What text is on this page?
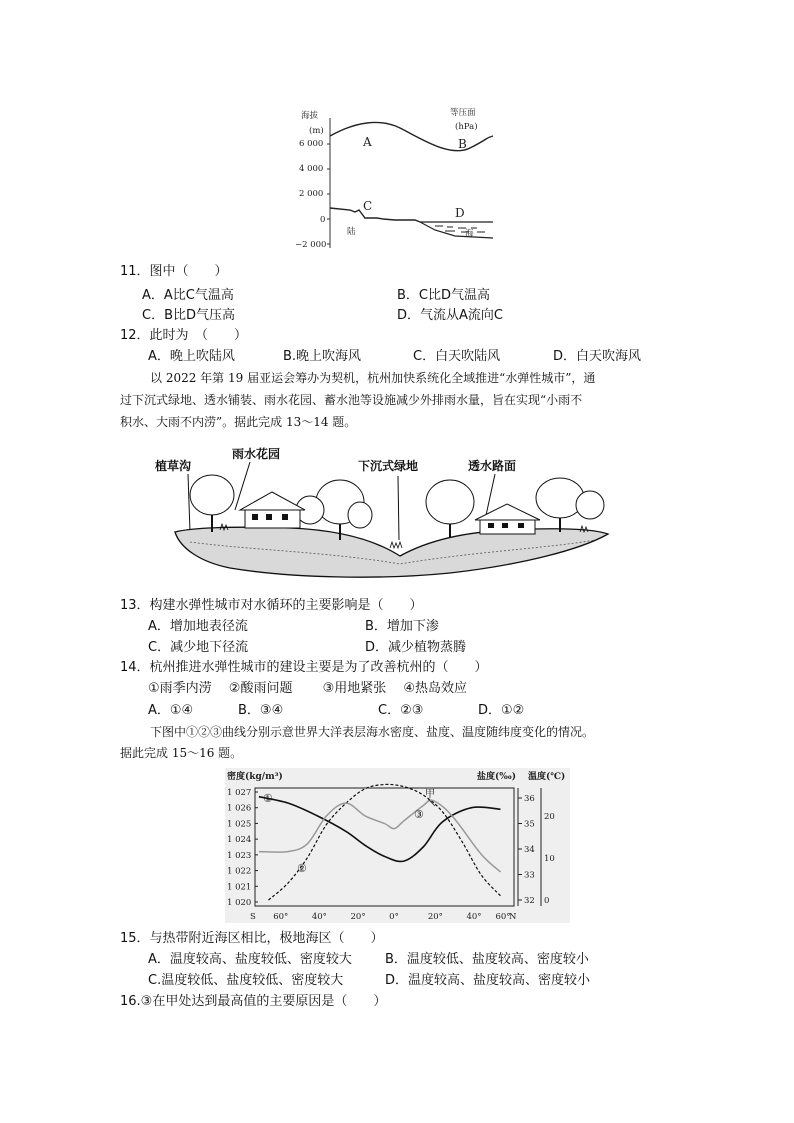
海拔
(m)
6 000
4 000
2 000
0
−2 000
等压面
(hPa)
A	B
C	D
陆	海
11．图中（　　）
A．A比C气温高	B．C比D气温高
C．B比D气压高	D．气流从A流向C
12．此时为　（　　）
A．晚上吹陆风	B.晚上吹海风	C．白天吹陆风	D．白天吹海风
以 2022 年第 19 届亚运会筹办为契机，杭州加快系统化全域推进“水弹性城市”，通
过下沉式绿地、透水铺装、雨水花园、蓄水池等设施减少外排雨水量，旨在实现“小雨不
积水、大雨不内涝”。据此完成 13～14 题。
植草沟
雨水花园
下沉式绿地	透水路面
13．构建水弹性城市对水循环的主要影响是（　　）
A．增加地表径流	B．增加下渗
C．减少地下径流	D．减少植物蒸腾
14．杭州推进水弹性城市的建设主要是为了改善杭州的（　　）
①雨季内涝　 ②酸雨问题　　 ③用地紧张　 ④热岛效应
A．①④	B．③④	C．②③	D．①②
下图中①②③曲线分别示意世界大洋表层海水密度、盐度、温度随纬度变化的情况。
据此完成 15～16 题。
密度(kg/m³)	盐度(‰) 温度(℃)
1 027
1 026
1 025
1 024
1 023
1 022
1 021
1 020
36
35
34
33
32
20
10
0
S 60°	40°	20°	0°	20°	40° 60°
N
①
②
③
甲
15．与热带附近海区相比，极地海区（　　）
A．温度较高、盐度较低、密度较大	B．温度较低、盐度较高、密度较小
C.温度较低、盐度较低、密度较大	D．温度较高、盐度较高、密度较小
16.③在甲处达到最高值的主要原因是（　　）
